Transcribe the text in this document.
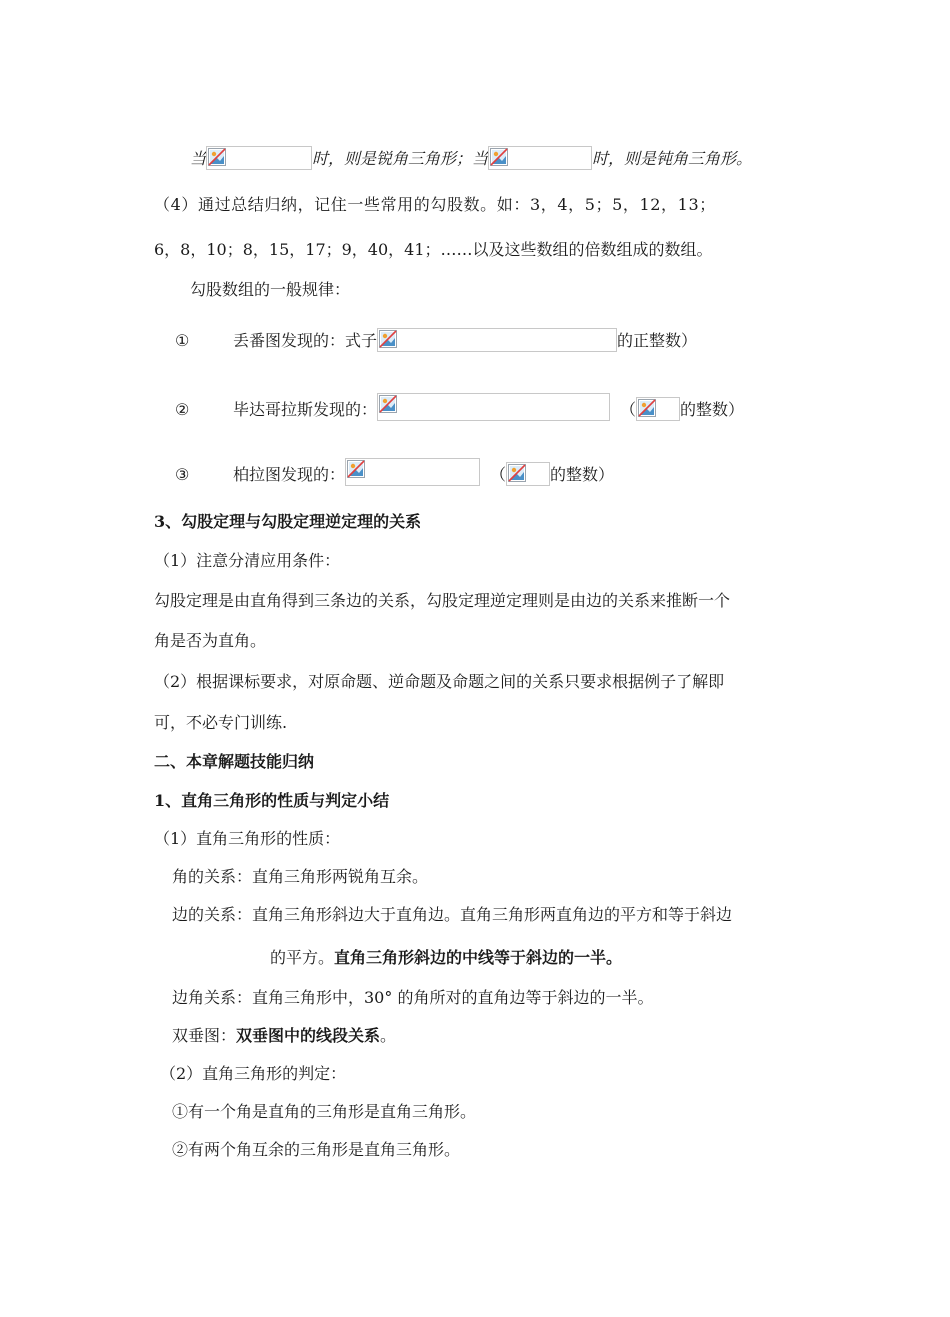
当	时，则是锐角三角形；当	时，则是钝角三角形。
（4）通过总结归纳，记住一些常用的勾股数。如：3，4，5；5，12，13；
6，8，10；8，15，17；9，40，41；……以及这些数组的倍数组成的数组。
勾股数组的一般规律：
①	丢番图发现的：式子	的正整数）
②	毕达哥拉斯发现的：	（	的整数）
③	柏拉图发现的：	（	的整数）
3、勾股定理与勾股定理逆定理的关系
（1）注意分清应用条件：
勾股定理是由直角得到三条边的关系，勾股定理逆定理则是由边的关系来推断一个
角是否为直角。
（2）根据课标要求，对原命题、逆命题及命题之间的关系只要求根据例子了解即
可，不必专门训练.
二、本章解题技能归纳
1、直角三角形的性质与判定小结
（1）直角三角形的性质：
角的关系：直角三角形两锐角互余。
边的关系：直角三角形斜边大于直角边。直角三角形两直角边的平方和等于斜边
的平方。直角三角形斜边的中线等于斜边的一半。
边角关系：直角三角形中，30° 的角所对的直角边等于斜边的一半。
双垂图：双垂图中的线段关系。
（2）直角三角形的判定：
①有一个角是直角的三角形是直角三角形。
②有两个角互余的三角形是直角三角形。
